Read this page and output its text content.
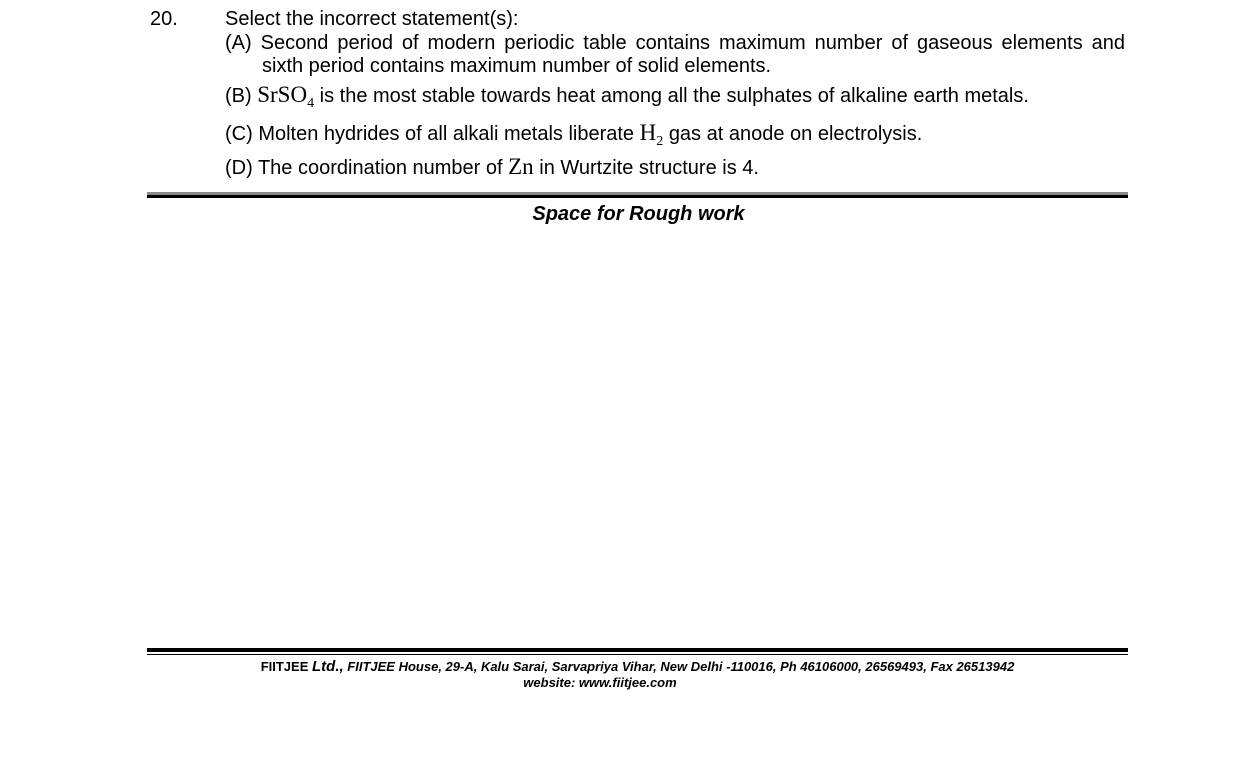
20. Select the incorrect statement(s):
(A) Second period of modern periodic table contains maximum number of gaseous elements and
sixth period contains maximum number of solid elements.
(B) SrSO$_4$ is the most stable towards heat among all the sulphates of alkaline earth metals.
(C) Molten hydrides of all alkali metals liberate $H_2$ gas at anode on electrolysis.
(D) The coordination number of Zn in Wurtzite structure is 4.
Space for Rough work
FIITJEE Ltd., FIITJEE House, 29-A, Kalu Sarai, Sarvapriya Vihar, New Delhi -110016, Ph 46106000, 26569493, Fax 26513942
website: www.fiitjee.com
